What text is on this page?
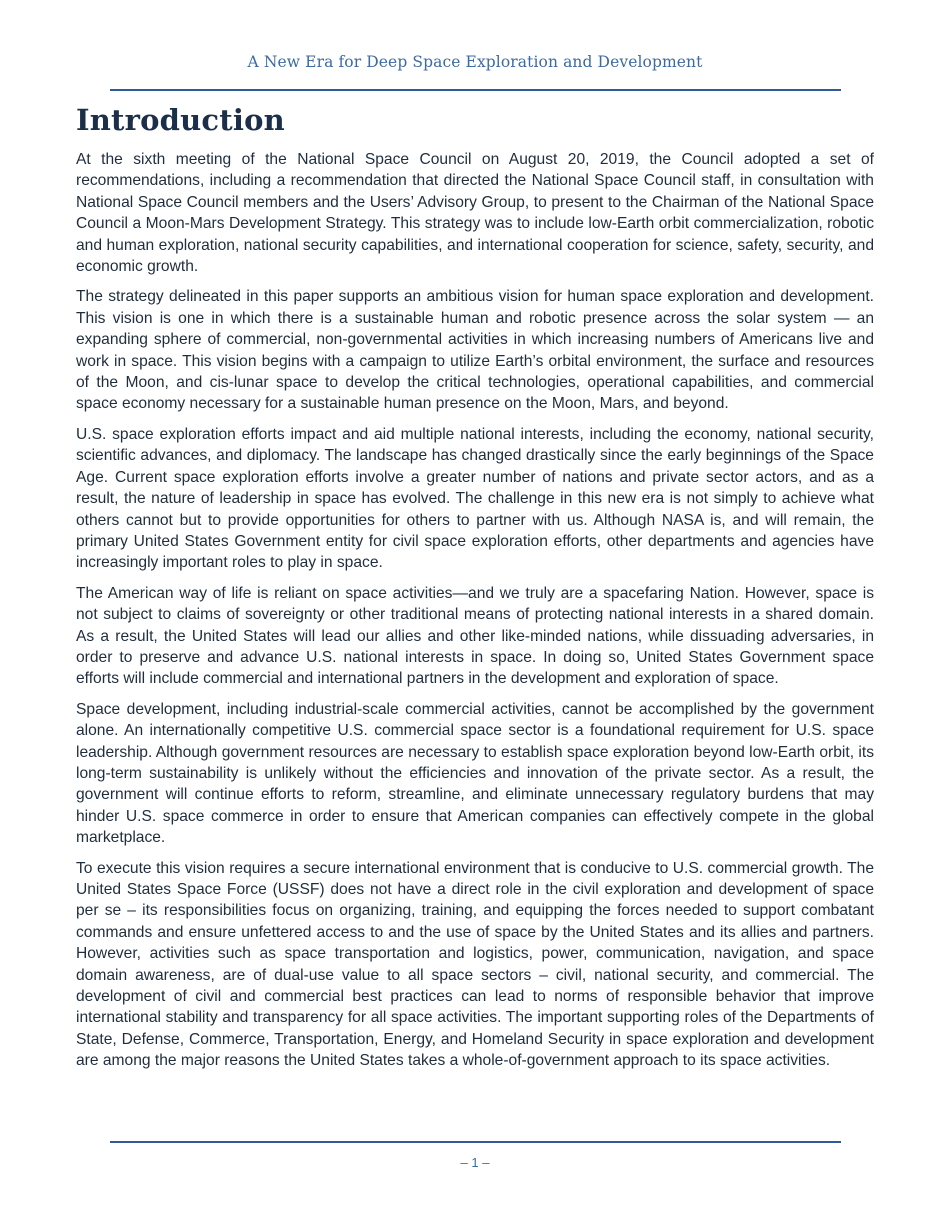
A New Era for Deep Space Exploration and Development
Introduction

At the sixth meeting of the National Space Council on August 20, 2019, the Council adopted a set of recommendations, including a recommendation that directed the National Space Council staff, in consultation with National Space Council members and the Users’ Advisory Group, to present to the Chairman of the National Space Council a Moon-Mars Development Strategy. This strategy was to include low-Earth orbit commercialization, robotic and human exploration, national security capabilities, and international cooperation for science, safety, security, and economic growth.

The strategy delineated in this paper supports an ambitious vision for human space exploration and development. This vision is one in which there is a sustainable human and robotic presence across the solar system — an expanding sphere of commercial, non-governmental activities in which increasing numbers of Americans live and work in space. This vision begins with a campaign to utilize Earth’s orbital environment, the surface and resources of the Moon, and cis-lunar space to develop the critical technologies, operational capabilities, and commercial space economy necessary for a sustainable human presence on the Moon, Mars, and beyond.

U.S. space exploration efforts impact and aid multiple national interests, including the economy, national security, scientific advances, and diplomacy. The landscape has changed drastically since the early beginnings of the Space Age. Current space exploration efforts involve a greater number of nations and private sector actors, and as a result, the nature of leadership in space has evolved. The challenge in this new era is not simply to achieve what others cannot but to provide opportunities for others to partner with us. Although NASA is, and will remain, the primary United States Government entity for civil space exploration efforts, other departments and agencies have increasingly important roles to play in space.

The American way of life is reliant on space activities—and we truly are a spacefaring Nation. However, space is not subject to claims of sovereignty or other traditional means of protecting national interests in a shared domain. As a result, the United States will lead our allies and other like-minded nations, while dissuading adversaries, in order to preserve and advance U.S. national interests in space. In doing so, United States Government space efforts will include commercial and international partners in the development and exploration of space.

Space development, including industrial-scale commercial activities, cannot be accomplished by the government alone. An internationally competitive U.S. commercial space sector is a foundational requirement for U.S. space leadership. Although government resources are necessary to establish space exploration beyond low-Earth orbit, its long-term sustainability is unlikely without the efficiencies and innovation of the private sector. As a result, the government will continue efforts to reform, streamline, and eliminate unnecessary regulatory burdens that may hinder U.S. space commerce in order to ensure that American companies can effectively compete in the global marketplace.

To execute this vision requires a secure international environment that is conducive to U.S. commercial growth. The United States Space Force (USSF) does not have a direct role in the civil exploration and development of space per se – its responsibilities focus on organizing, training, and equipping the forces needed to support combatant commands and ensure unfettered access to and the use of space by the United States and its allies and partners. However, activities such as space transportation and logistics, power, communication, navigation, and space domain awareness, are of dual-use value to all space sectors – civil, national security, and commercial. The development of civil and commercial best practices can lead to norms of responsible behavior that improve international stability and transparency for all space activities. The important supporting roles of the Departments of State, Defense, Commerce, Transportation, Energy, and Homeland Security in space exploration and development are among the major reasons the United States takes a whole-of-government approach to its space activities.

– 1 –
